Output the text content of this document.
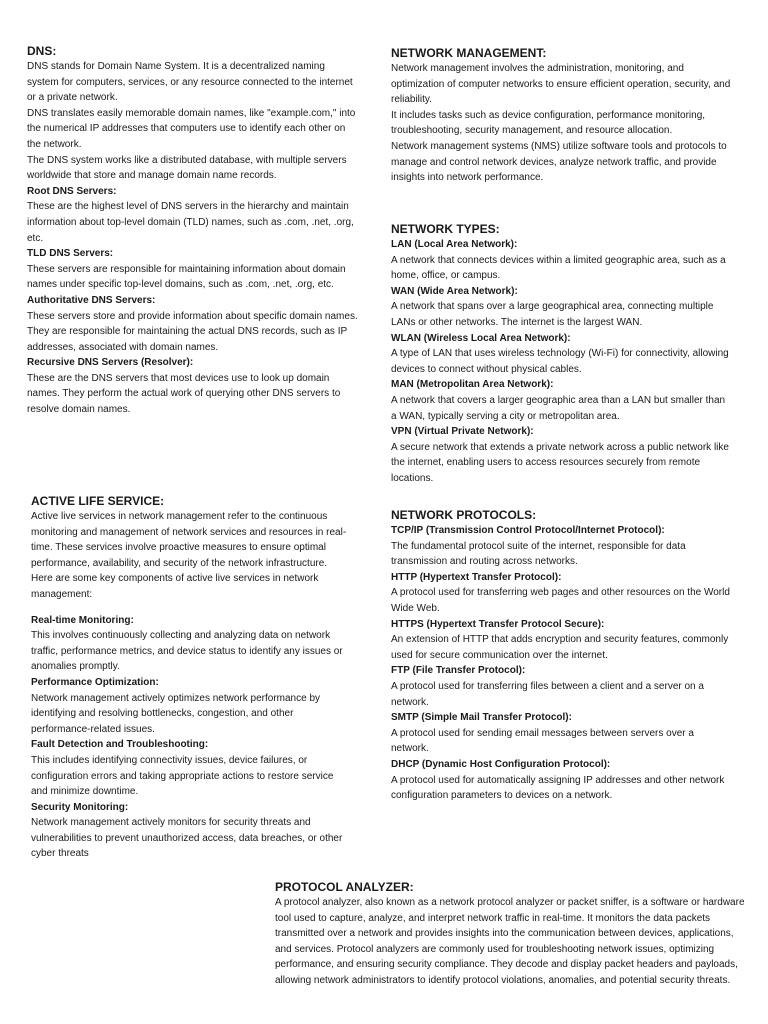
DNS:

DNS stands for Domain Name System. It is a decentralized naming system for computers, services, or any resource connected to the internet or a private network.

DNS translates easily memorable domain names, like "example.com," into the numerical IP addresses that computers use to identify each other on the network.

The DNS system works like a distributed database, with multiple servers worldwide that store and manage domain name records.

Root DNS Servers:

These are the highest level of DNS servers in the hierarchy and maintain information about top-level domain (TLD) names, such as .com, .net, .org, etc.

TLD DNS Servers:

These servers are responsible for maintaining information about domain names under specific top-level domains, such as .com, .net, .org, etc.

Authoritative DNS Servers:

These servers store and provide information about specific domain names. They are responsible for maintaining the actual DNS records, such as IP addresses, associated with domain names.

Recursive DNS Servers (Resolver):

These are the DNS servers that most devices use to look up domain names. They perform the actual work of querying other DNS servers to resolve domain names.

ACTIVE LIFE SERVICE:

Active live services in network management refer to the continuous monitoring and management of network services and resources in real-time. These services involve proactive measures to ensure optimal performance, availability, and security of the network infrastructure. Here are some key components of active live services in network management:

Real-time Monitoring:

This involves continuously collecting and analyzing data on network traffic, performance metrics, and device status to identify any issues or anomalies promptly.

Performance Optimization:

Network management actively optimizes network performance by identifying and resolving bottlenecks, congestion, and other performance-related issues.

Fault Detection and Troubleshooting:

This includes identifying connectivity issues, device failures, or configuration errors and taking appropriate actions to restore service and minimize downtime.

Security Monitoring:

Network management actively monitors for security threats and vulnerabilities to prevent unauthorized access, data breaches, or other cyber threats

NETWORK MANAGEMENT:

Network management involves the administration, monitoring, and optimization of computer networks to ensure efficient operation, security, and reliability.

It includes tasks such as device configuration, performance monitoring, troubleshooting, security management, and resource allocation.

Network management systems (NMS) utilize software tools and protocols to manage and control network devices, analyze network traffic, and provide insights into network performance.

NETWORK TYPES:

LAN (Local Area Network):

A network that connects devices within a limited geographic area, such as a home, office, or campus.

WAN (Wide Area Network):

A network that spans over a large geographical area, connecting multiple LANs or other networks. The internet is the largest WAN.

WLAN (Wireless Local Area Network):

A type of LAN that uses wireless technology (Wi-Fi) for connectivity, allowing devices to connect without physical cables.

MAN (Metropolitan Area Network):

A network that covers a larger geographic area than a LAN but smaller than a WAN, typically serving a city or metropolitan area.

VPN (Virtual Private Network):

A secure network that extends a private network across a public network like the internet, enabling users to access resources securely from remote locations.

NETWORK PROTOCOLS:

TCP/IP (Transmission Control Protocol/Internet Protocol):

The fundamental protocol suite of the internet, responsible for data transmission and routing across networks.

HTTP (Hypertext Transfer Protocol):

A protocol used for transferring web pages and other resources on the World Wide Web.

HTTPS (Hypertext Transfer Protocol Secure):

An extension of HTTP that adds encryption and security features, commonly used for secure communication over the internet.

FTP (File Transfer Protocol):

A protocol used for transferring files between a client and a server on a network.

SMTP (Simple Mail Transfer Protocol):

A protocol used for sending email messages between servers over a network.

DHCP (Dynamic Host Configuration Protocol):

A protocol used for automatically assigning IP addresses and other network configuration parameters to devices on a network.

PROTOCOL ANALYZER:

A protocol analyzer, also known as a network protocol analyzer or packet sniffer, is a software or hardware tool used to capture, analyze, and interpret network traffic in real-time. It monitors the data packets transmitted over a network and provides insights into the communication between devices, applications, and services. Protocol analyzers are commonly used for troubleshooting network issues, optimizing performance, and ensuring security compliance. They decode and display packet headers and payloads, allowing network administrators to identify protocol violations, anomalies, and potential security threats.
